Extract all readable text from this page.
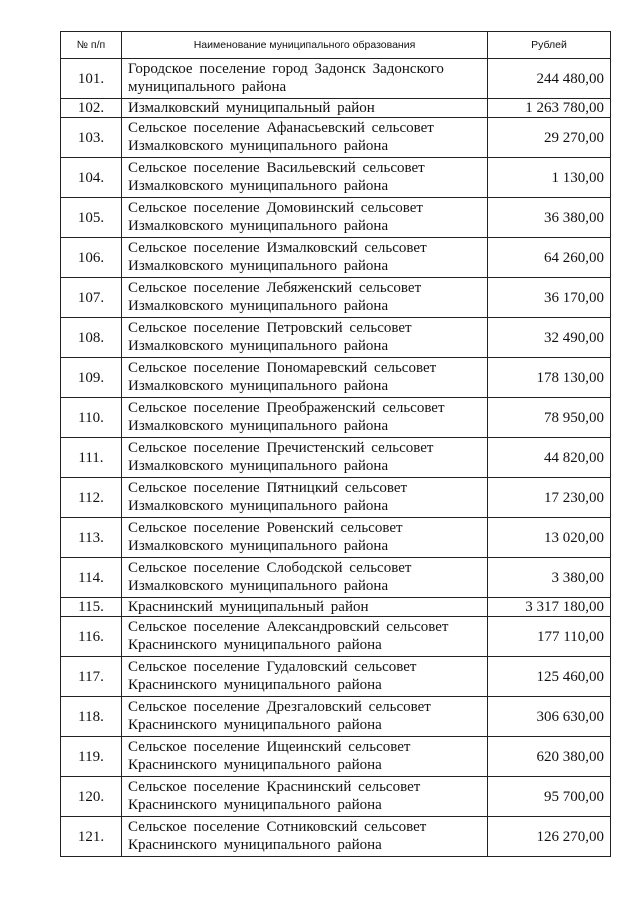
№ п/п	Наименование муниципального образования	Рублей
101.	Городское поселение город Задонск Задонского муниципального района	244 480,00
102.	Измалковский муниципальный район	1 263 780,00
103.	Сельское поселение Афанасьевский сельсовет Измалковского муниципального района	29 270,00
104.	Сельское поселение Васильевский сельсовет Измалковского муниципального района	1 130,00
105.	Сельское поселение Домовинский сельсовет Измалковского муниципального района	36 380,00
106.	Сельское поселение Измалковский сельсовет Измалковского муниципального района	64 260,00
107.	Сельское поселение Лебяженский сельсовет Измалковского муниципального района	36 170,00
108.	Сельское поселение Петровский сельсовет Измалковского муниципального района	32 490,00
109.	Сельское поселение Пономаревский сельсовет Измалковского муниципального района	178 130,00
110.	Сельское поселение Преображенский сельсовет Измалковского муниципального района	78 950,00
111.	Сельское поселение Пречистенский сельсовет Измалковского муниципального района	44 820,00
112.	Сельское поселение Пятницкий сельсовет Измалковского муниципального района	17 230,00
113.	Сельское поселение Ровенский сельсовет Измалковского муниципального района	13 020,00
114.	Сельское поселение Слободской сельсовет Измалковского муниципального района	3 380,00
115.	Краснинский муниципальный район	3 317 180,00
116.	Сельское поселение Александровский сельсовет Краснинского муниципального района	177 110,00
117.	Сельское поселение Гудаловский сельсовет Краснинского муниципального района	125 460,00
118.	Сельское поселение Дрезгаловский сельсовет Краснинского муниципального района	306 630,00
119.	Сельское поселение Ищеинский сельсовет Краснинского муниципального района	620 380,00
120.	Сельское поселение Краснинский сельсовет Краснинского муниципального района	95 700,00
121.	Сельское поселение Сотниковский сельсовет Краснинского муниципального района	126 270,00
